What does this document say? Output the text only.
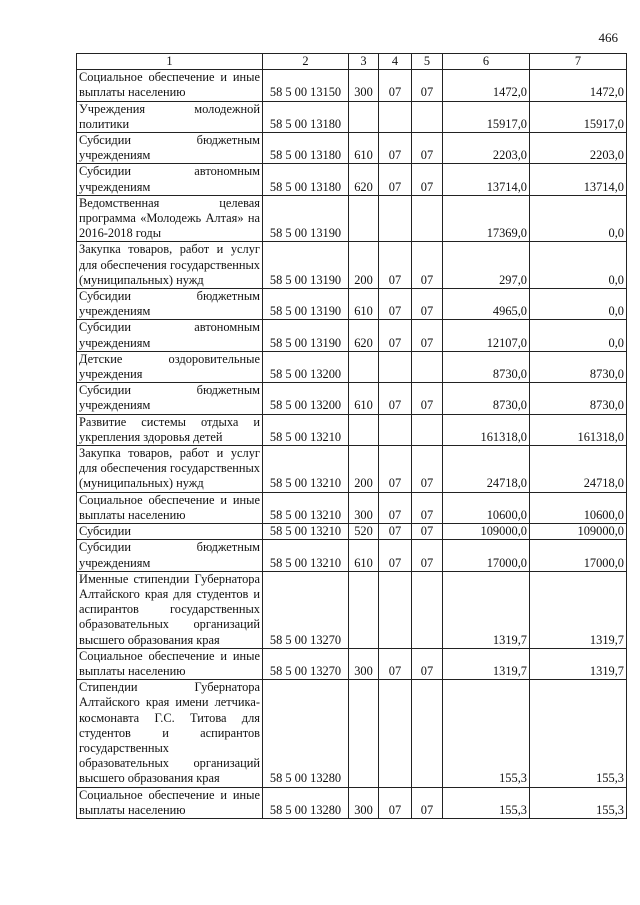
466
1	2	3	4	5	6	7
Социальное обеспечение и иные выплаты населению	58 5 00 13150	300	07	07	1472,0	1472,0
Учреждения молодежной политики	58 5 00 13180				15917,0	15917,0
Субсидии бюджетным учреждениям	58 5 00 13180	610	07	07	2203,0	2203,0
Субсидии автономным учреждениям	58 5 00 13180	620	07	07	13714,0	13714,0
Ведомственная целевая программа «Молодежь Алтая» на 2016-2018 годы	58 5 00 13190				17369,0	0,0
Закупка товаров, работ и услуг для обеспечения государственных (муниципальных) нужд	58 5 00 13190	200	07	07	297,0	0,0
Субсидии бюджетным учреждениям	58 5 00 13190	610	07	07	4965,0	0,0
Субсидии автономным учреждениям	58 5 00 13190	620	07	07	12107,0	0,0
Детские оздоровительные учреждения	58 5 00 13200				8730,0	8730,0
Субсидии бюджетным учреждениям	58 5 00 13200	610	07	07	8730,0	8730,0
Развитие системы отдыха и укрепления здоровья детей	58 5 00 13210				161318,0	161318,0
Закупка товаров, работ и услуг для обеспечения государственных (муниципальных) нужд	58 5 00 13210	200	07	07	24718,0	24718,0
Социальное обеспечение и иные выплаты населению	58 5 00 13210	300	07	07	10600,0	10600,0
Субсидии	58 5 00 13210	520	07	07	109000,0	109000,0
Субсидии бюджетным учреждениям	58 5 00 13210	610	07	07	17000,0	17000,0
Именные стипендии Губернатора Алтайского края для студентов и аспирантов государственных образовательных организаций высшего образования края	58 5 00 13270				1319,7	1319,7
Социальное обеспечение и иные выплаты населению	58 5 00 13270	300	07	07	1319,7	1319,7
Стипендии Губернатора Алтайского края имени летчика-космонавта Г.С. Титова для студентов и аспирантов государственных образовательных организаций высшего образования края	58 5 00 13280				155,3	155,3
Социальное обеспечение и иные выплаты населению	58 5 00 13280	300	07	07	155,3	155,3
